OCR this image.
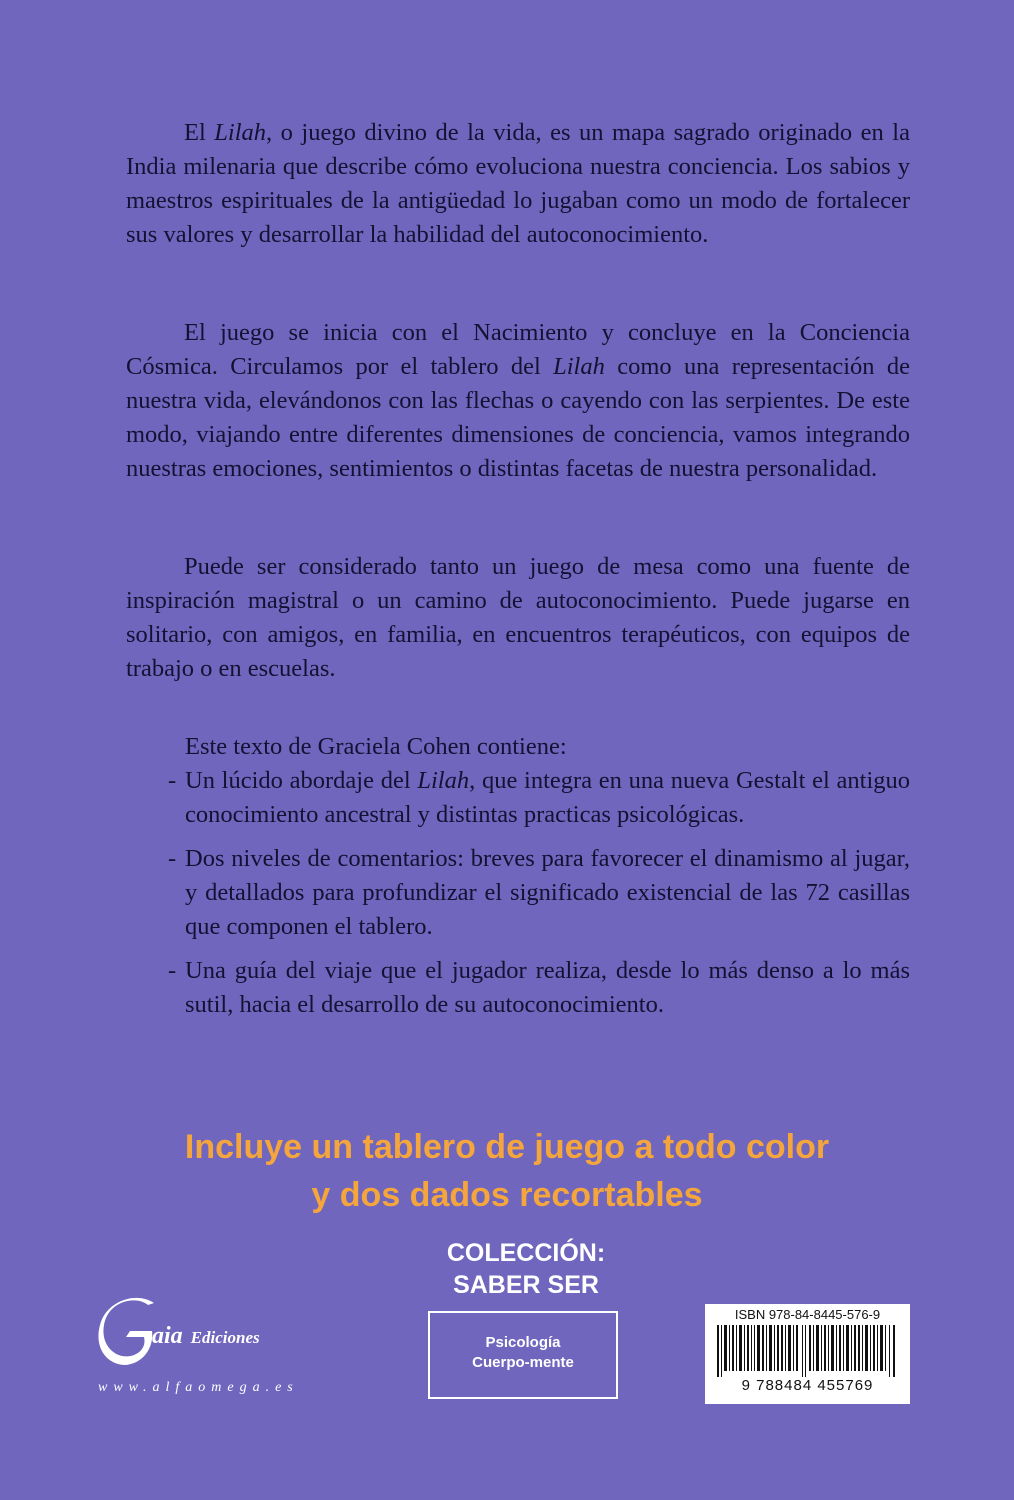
El Lilah, o juego divino de la vida, es un mapa sagrado originado en la India milenaria que describe cómo evoluciona nuestra conciencia. Los sabios y maestros espirituales de la antigüedad lo jugaban como un modo de fortalecer sus valores y desarrollar la habilidad del autoconocimiento.

El juego se inicia con el Nacimiento y concluye en la Conciencia Cósmica. Circulamos por el tablero del Lilah como una representación de nuestra vida, elevándonos con las flechas o cayendo con las serpientes. De este modo, viajando entre diferentes dimensiones de conciencia, vamos integrando nuestras emociones, sentimientos o distintas facetas de nuestra personalidad.

Puede ser considerado tanto un juego de mesa como una fuente de inspiración magistral o un camino de autoconocimiento. Puede jugarse en solitario, con amigos, en familia, en encuentros terapéuticos, con equipos de trabajo o en escuelas.

Este texto de Graciela Cohen contiene:

- Un lúcido abordaje del Lilah, que integra en una nueva Gestalt el antiguo conocimiento ancestral y distintas practicas psicológicas.
- Dos niveles de comentarios: breves para favorecer el dinamismo al jugar, y detallados para profundizar el significado existencial de las 72 casillas que componen el tablero.
- Una guía del viaje que el jugador realiza, desde lo más denso a lo más sutil, hacia el desarrollo de su autoconocimiento.
Incluye un tablero de juego a todo color
y dos dados recortables
aia Ediciones
www.alfaomega.es
COLECCIÓN:
SABER SER
Psicología
Cuerpo-mente

ISBN 978-84-8445-576-9

9 788484 455769
